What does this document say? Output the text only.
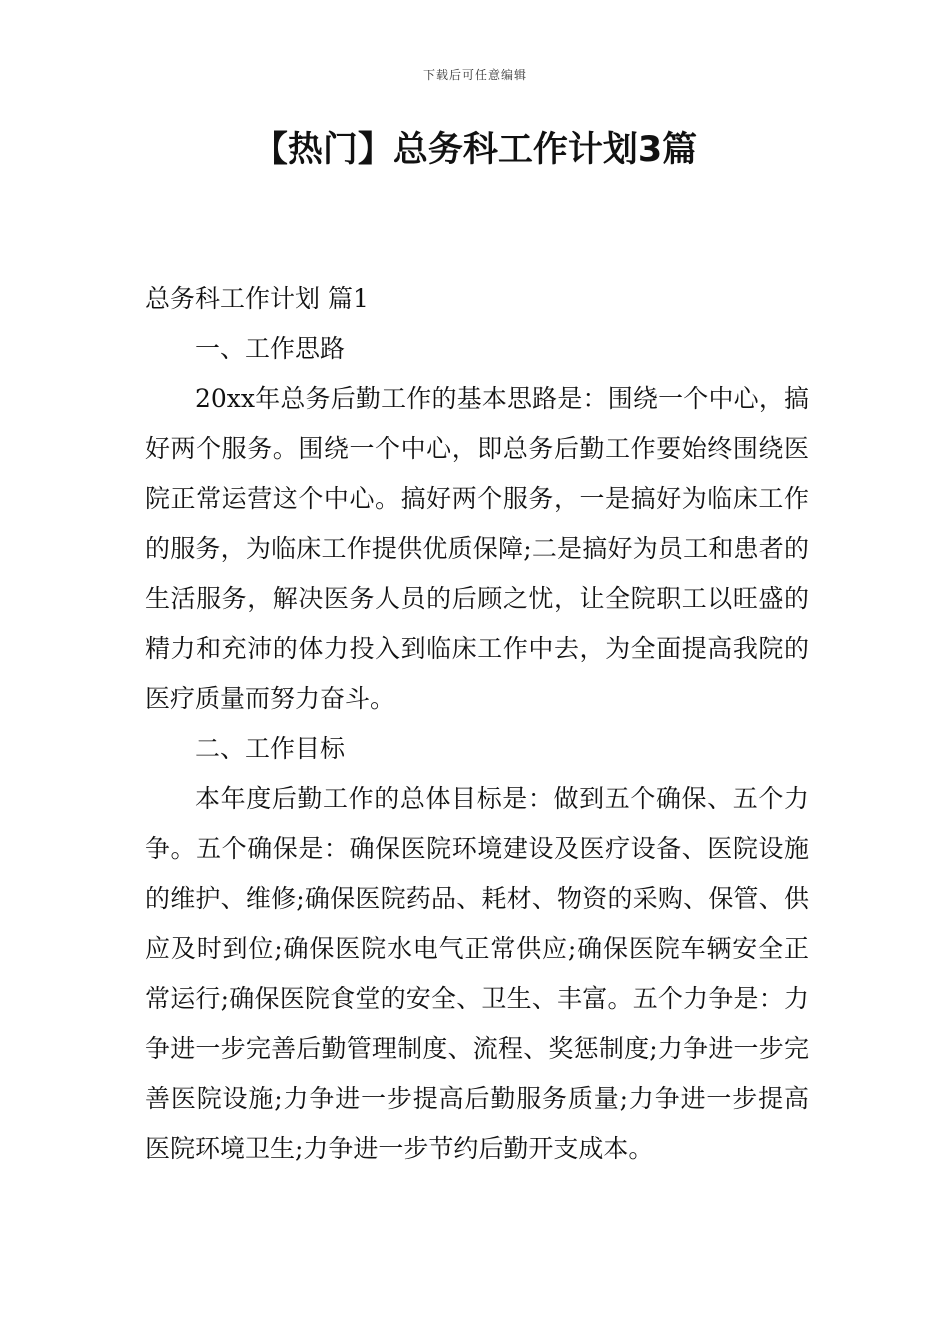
下载后可任意编辑
【热门】总务科工作计划3篇

总务科工作计划 篇1

一、工作思路

20xx年总务后勤工作的基本思路是：围绕一个中心，搞好两个服务。围绕一个中心，即总务后勤工作要始终围绕医院正常运营这个中心。搞好两个服务，一是搞好为临床工作的服务，为临床工作提供优质保障;二是搞好为员工和患者的生活服务，解决医务人员的后顾之忧，让全院职工以旺盛的精力和充沛的体力投入到临床工作中去，为全面提高我院的医疗质量而努力奋斗。

二、工作目标

本年度后勤工作的总体目标是：做到五个确保、五个力争。五个确保是：确保医院环境建设及医疗设备、医院设施的维护、维修;确保医院药品、耗材、物资的采购、保管、供应及时到位;确保医院水电气正常供应;确保医院车辆安全正常运行;确保医院食堂的安全、卫生、丰富。五个力争是：力争进一步完善后勤管理制度、流程、奖惩制度;力争进一步完善医院设施;力争进一步提高后勤服务质量;力争进一步提高医院环境卫生;力争进一步节约后勤开支成本。
